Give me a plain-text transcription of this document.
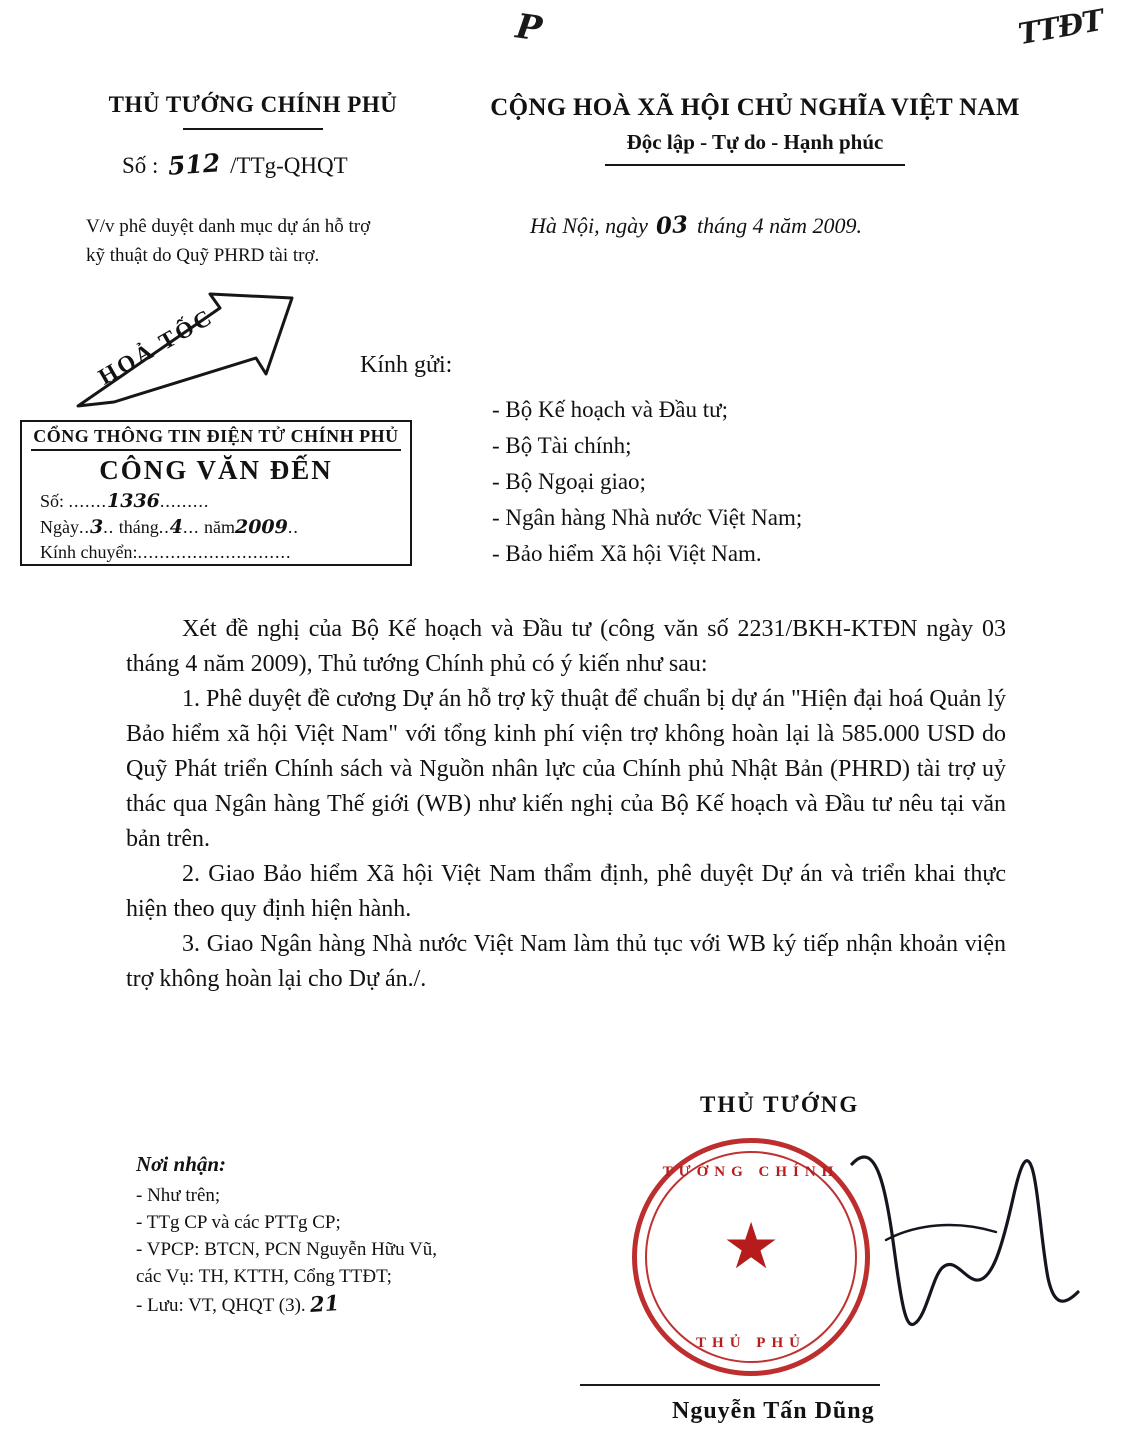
P	TTĐT
THỦ TƯỚNG CHÍNH PHỦ
Số : 512 /TTg-QHQT
V/v phê duyệt danh mục dự án hỗ trợ kỹ thuật do Quỹ PHRD tài trợ.
CỘNG HOÀ XÃ HỘI CHỦ NGHĨA VIỆT NAM
Độc lập - Tự do - Hạnh phúc
Hà Nội, ngày 03 tháng 4 năm 2009.
HOẢ TỐC
CỔNG THÔNG TIN ĐIỆN TỬ CHÍNH PHỦ
CÔNG VĂN ĐẾN
Số: .......1336.........
Ngày..3.. tháng..4... năm2009..
Kính chuyển:............................
Kính gửi:
- Bộ Kế hoạch và Đầu tư;
- Bộ Tài chính;
- Bộ Ngoại giao;
- Ngân hàng Nhà nước Việt Nam;
- Bảo hiểm Xã hội Việt Nam.

Xét đề nghị của Bộ Kế hoạch và Đầu tư (công văn số 2231/BKH-KTĐN ngày 03 tháng 4 năm 2009), Thủ tướng Chính phủ có ý kiến như sau:

1. Phê duyệt đề cương Dự án hỗ trợ kỹ thuật để chuẩn bị dự án "Hiện đại hoá Quản lý Bảo hiểm xã hội Việt Nam" với tổng kinh phí viện trợ không hoàn lại là 585.000 USD do Quỹ Phát triển Chính sách và Nguồn nhân lực của Chính phủ Nhật Bản (PHRD) tài trợ uỷ thác qua Ngân hàng Thế giới (WB) như kiến nghị của Bộ Kế hoạch và Đầu tư nêu tại văn bản trên.

2. Giao Bảo hiểm Xã hội Việt Nam thẩm định, phê duyệt Dự án và triển khai thực hiện theo quy định hiện hành.

3. Giao Ngân hàng Nhà nước Việt Nam làm thủ tục với WB ký tiếp nhận khoản viện trợ không hoàn lại cho Dự án./.

Nơi nhận:
- Như trên;
- TTg CP và các PTTg CP;
- VPCP: BTCN, PCN Nguyễn Hữu Vũ,
các Vụ: TH, KTTH, Cổng TTĐT;
- Lưu: VT, QHQT (3). 21
THỦ TƯỚNG
TƯỚNG CHÍNH
★
THỦ PHỦ
Nguyễn Tấn Dũng
